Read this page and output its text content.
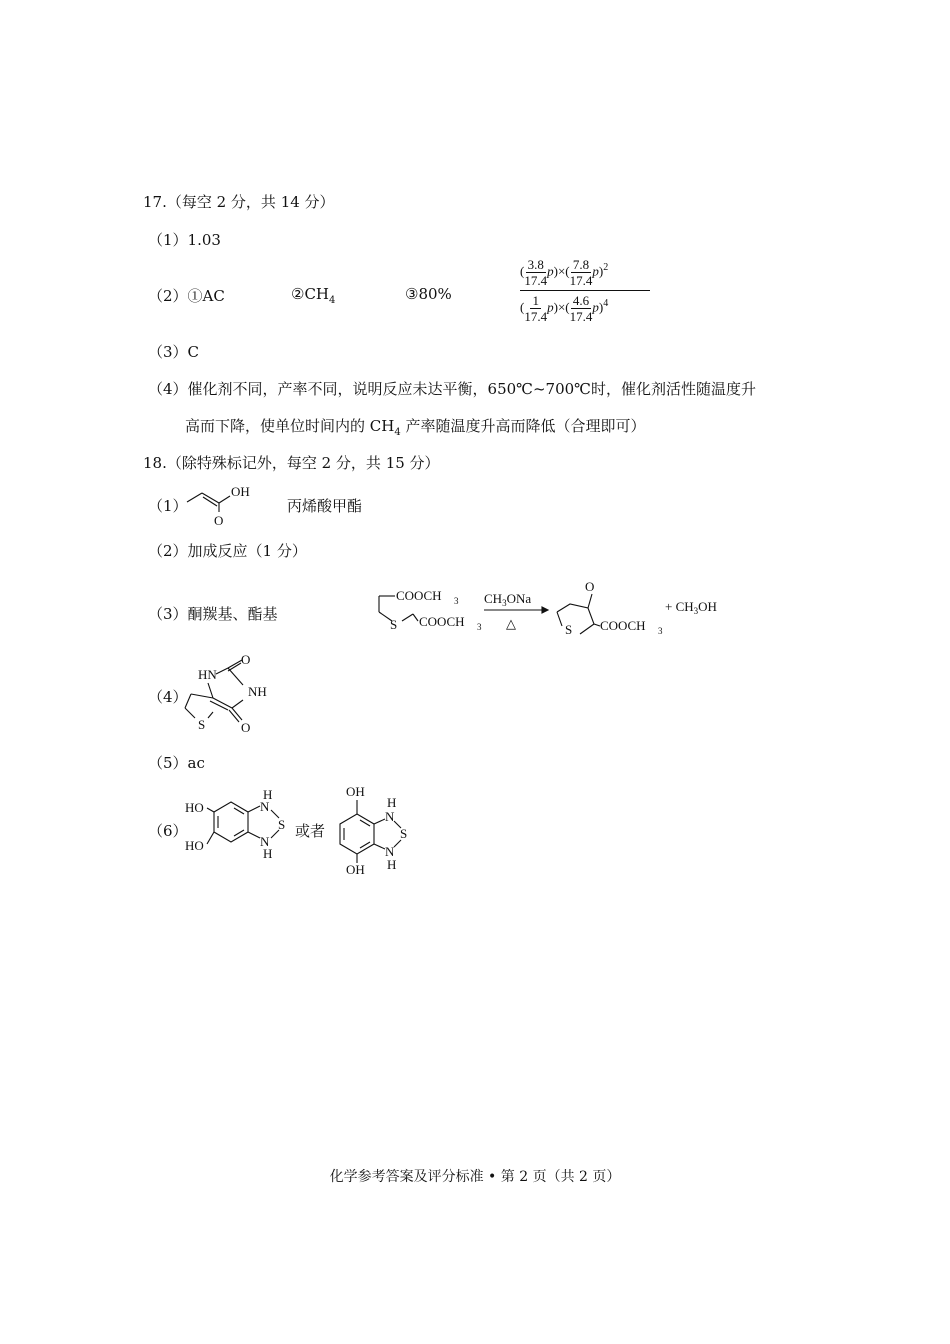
17.（每空 2 分，共 14 分）
（1）1.03
（2）①AC	$②CH_4$	③80%	$\frac{( \frac{3.8}{17.4} p)\times( \frac{7.8}{17.4} p)^2}{( \frac{1}{17.4} p)\times( \frac{4.6}{17.4} p)^4}$
（3）C
（4）催化剂不同，产率不同，说明反应未达平衡，650℃~700℃时，催化剂活性随温度升
高而下降，使单位时间内的 $CH_4$ 产率随温度升高而降低（合理即可）
18.（除特殊标记外，每空 2 分，共 15 分）
（1）
OH
O
丙烯酸甲酯
（2）加成反应（1 分）
（3）酮羰基、酯基
COOCH 3
S COOCH 3
$CH_3ONa$
△
O
S COOCH 3
+ $CH_3OH$
（4）
HN
O
NH
O
S
（5）ac
（6）
HO
HO
H
N
S
N
H
或者
OH
OH
H
N
S
N
H
化学参考答案及评分标准 • 第 2 页（共 2 页）
